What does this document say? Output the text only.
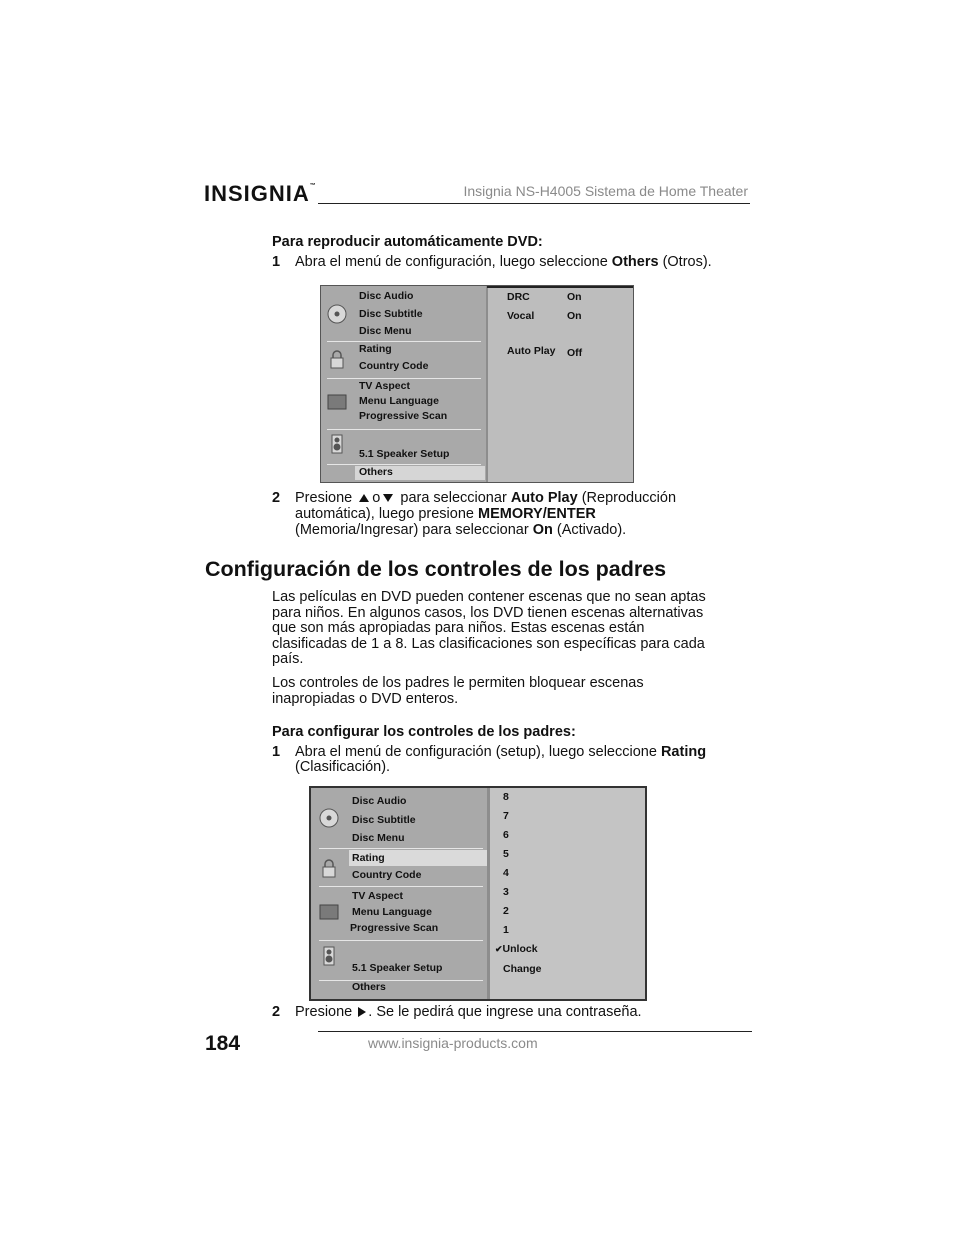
INSIGNIA™	Insignia NS-H4005 Sistema de Home Theater
Para reproducir automáticamente DVD:
1 Abra el menú de configuración, luego seleccione Others (Otros).
Disc Audio
Disc Subtitle
Disc Menu
Rating
Country Code
TV Aspect
Menu Language
Progressive Scan
5.1 Speaker Setup
Others
DRC	On
Vocal	On
Auto Play Off
2 Presione o para seleccionar Auto Play (Reproducción
automática), luego presione MEMORY/ENTER
(Memoria/Ingresar) para seleccionar On (Activado).
Configuración de los controles de los padres
Las películas en DVD pueden contener escenas que no sean aptas
para niños. En algunos casos, los DVD tienen escenas alternativas
que son más apropiadas para niños. Estas escenas están
clasificadas de 1 a 8. Las clasificaciones son específicas para cada
país.
Los controles de los padres le permiten bloquear escenas
inapropiadas o DVD enteros.
Para configurar los controles de los padres:
1 Abra el menú de configuración (setup), luego seleccione Rating
(Clasificación).
Disc Audio
Disc Subtitle
Disc Menu
Rating
Country Code
TV Aspect
Menu Language
Progressive Scan
5.1 Speaker Setup
Others
8
7
6
5
4
3
2
1
✔Unlock
Change
2 Presione . Se le pedirá que ingrese una contraseña.
184	www.insignia-products.com
